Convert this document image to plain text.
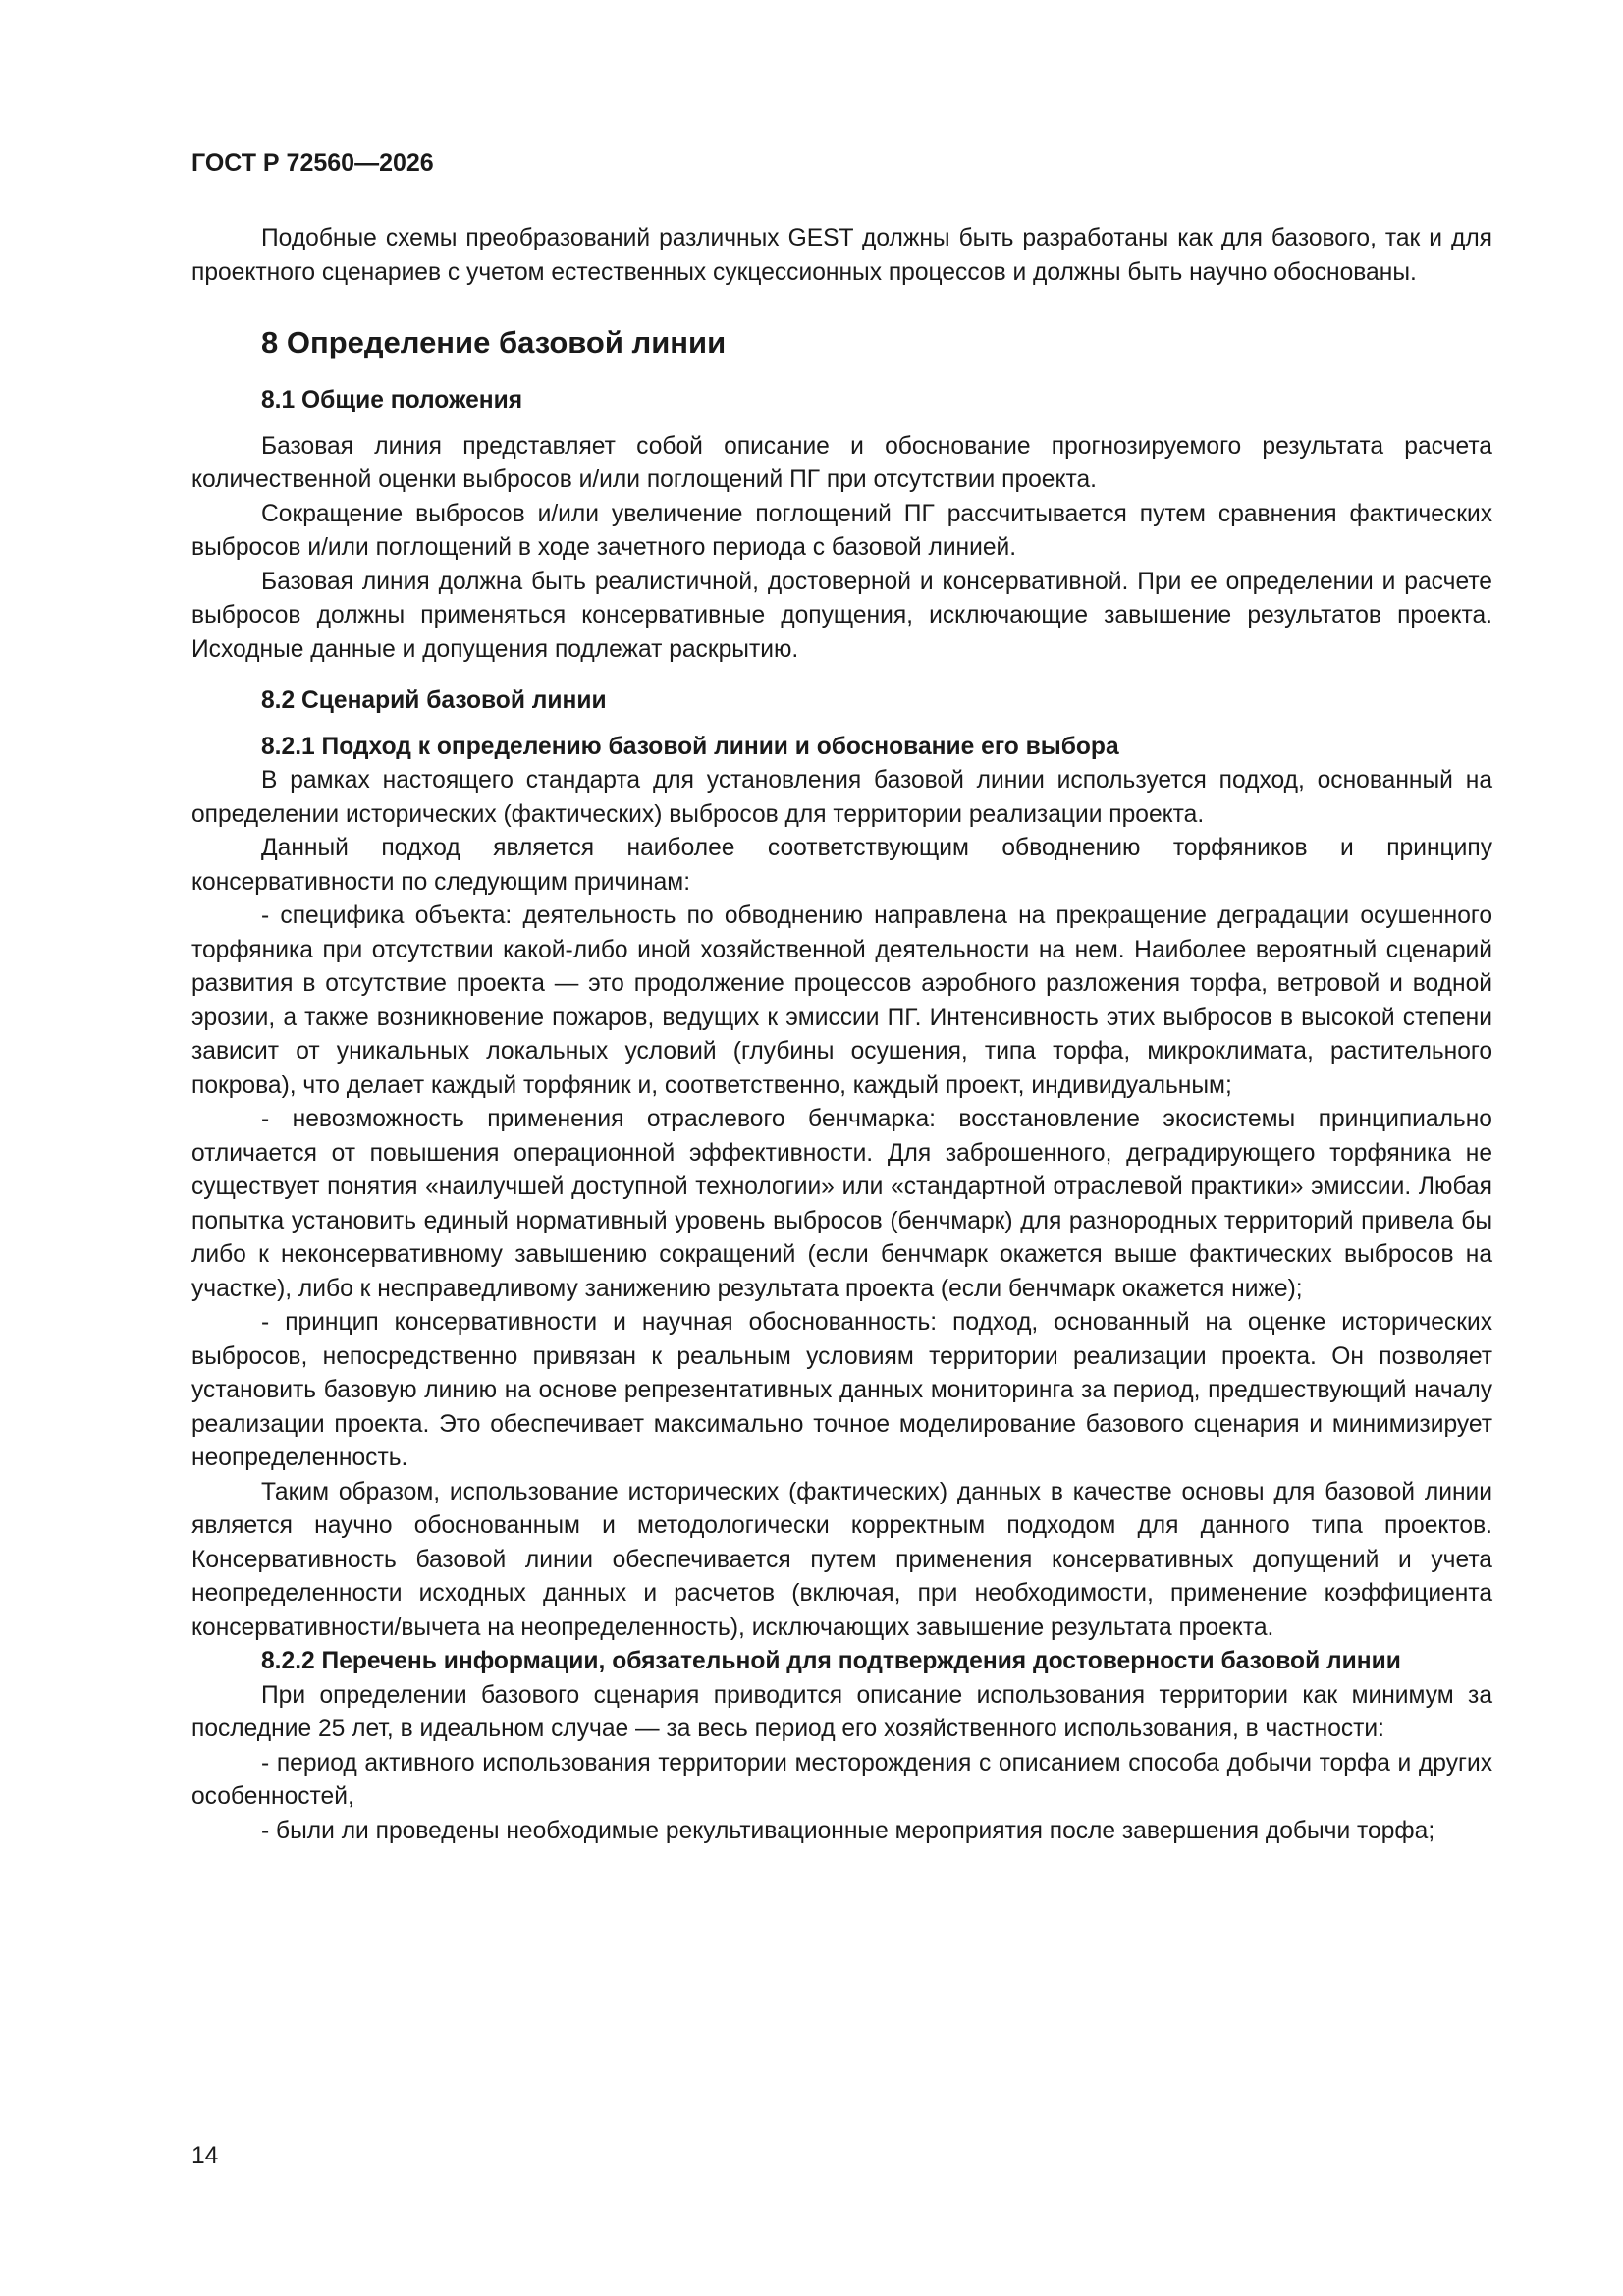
ГОСТ Р 72560—2026

Подобные схемы преобразований различных GEST должны быть разработаны как для базового, так и для проектного сценариев с учетом естественных сукцессионных процессов и должны быть научно обоснованы.

8 Определение базовой линии
8.1 Общие положения

Базовая линия представляет собой описание и обоснование прогнозируемого результата расчета количественной оценки выбросов и/или поглощений ПГ при отсутствии проекта.

Сокращение выбросов и/или увеличение поглощений ПГ рассчитывается путем сравнения фактических выбросов и/или поглощений в ходе зачетного периода с базовой линией.

Базовая линия должна быть реалистичной, достоверной и консервативной. При ее определении и расчете выбросов должны применяться консервативные допущения, исключающие завышение результатов проекта. Исходные данные и допущения подлежат раскрытию.

8.2 Сценарий базовой линии
8.2.1 Подход к определению базовой линии и обоснование его выбора

В рамках настоящего стандарта для установления базовой линии используется подход, основанный на определении исторических (фактических) выбросов для территории реализации проекта.

Данный подход является наиболее соответствующим обводнению торфяников и принципу консервативности по следующим причинам:

- специфика объекта: деятельность по обводнению направлена на прекращение деградации осушенного торфяника при отсутствии какой-либо иной хозяйственной деятельности на нем. Наиболее вероятный сценарий развития в отсутствие проекта — это продолжение процессов аэробного разложения торфа, ветровой и водной эрозии, а также возникновение пожаров, ведущих к эмиссии ПГ. Интенсивность этих выбросов в высокой степени зависит от уникальных локальных условий (глубины осушения, типа торфа, микроклимата, растительного покрова), что делает каждый торфяник и, соответственно, каждый проект, индивидуальным;

- невозможность применения отраслевого бенчмарка: восстановление экосистемы принципиально отличается от повышения операционной эффективности. Для заброшенного, деградирующего торфяника не существует понятия «наилучшей доступной технологии» или «стандартной отраслевой практики» эмиссии. Любая попытка установить единый нормативный уровень выбросов (бенчмарк) для разнородных территорий привела бы либо к неконсервативному завышению сокращений (если бенчмарк окажется выше фактических выбросов на участке), либо к несправедливому занижению результата проекта (если бенчмарк окажется ниже);

- принцип консервативности и научная обоснованность: подход, основанный на оценке исторических выбросов, непосредственно привязан к реальным условиям территории реализации проекта. Он позволяет установить базовую линию на основе репрезентативных данных мониторинга за период, предшествующий началу реализации проекта. Это обеспечивает максимально точное моделирование базового сценария и минимизирует неопределенность.

Таким образом, использование исторических (фактических) данных в качестве основы для базовой линии является научно обоснованным и методологически корректным подходом для данного типа проектов. Консервативность базовой линии обеспечивается путем применения консервативных допущений и учета неопределенности исходных данных и расчетов (включая, при необходимости, применение коэффициента консервативности/вычета на неопределенность), исключающих завышение результата проекта.

8.2.2 Перечень информации, обязательной для подтверждения достоверности базовой линии

При определении базового сценария приводится описание использования территории как минимум за последние 25 лет, в идеальном случае — за весь период его хозяйственного использования, в частности:

- период активного использования территории месторождения с описанием способа добычи торфа и других особенностей,

- были ли проведены необходимые рекультивационные мероприятия после завершения добычи торфа;

14
